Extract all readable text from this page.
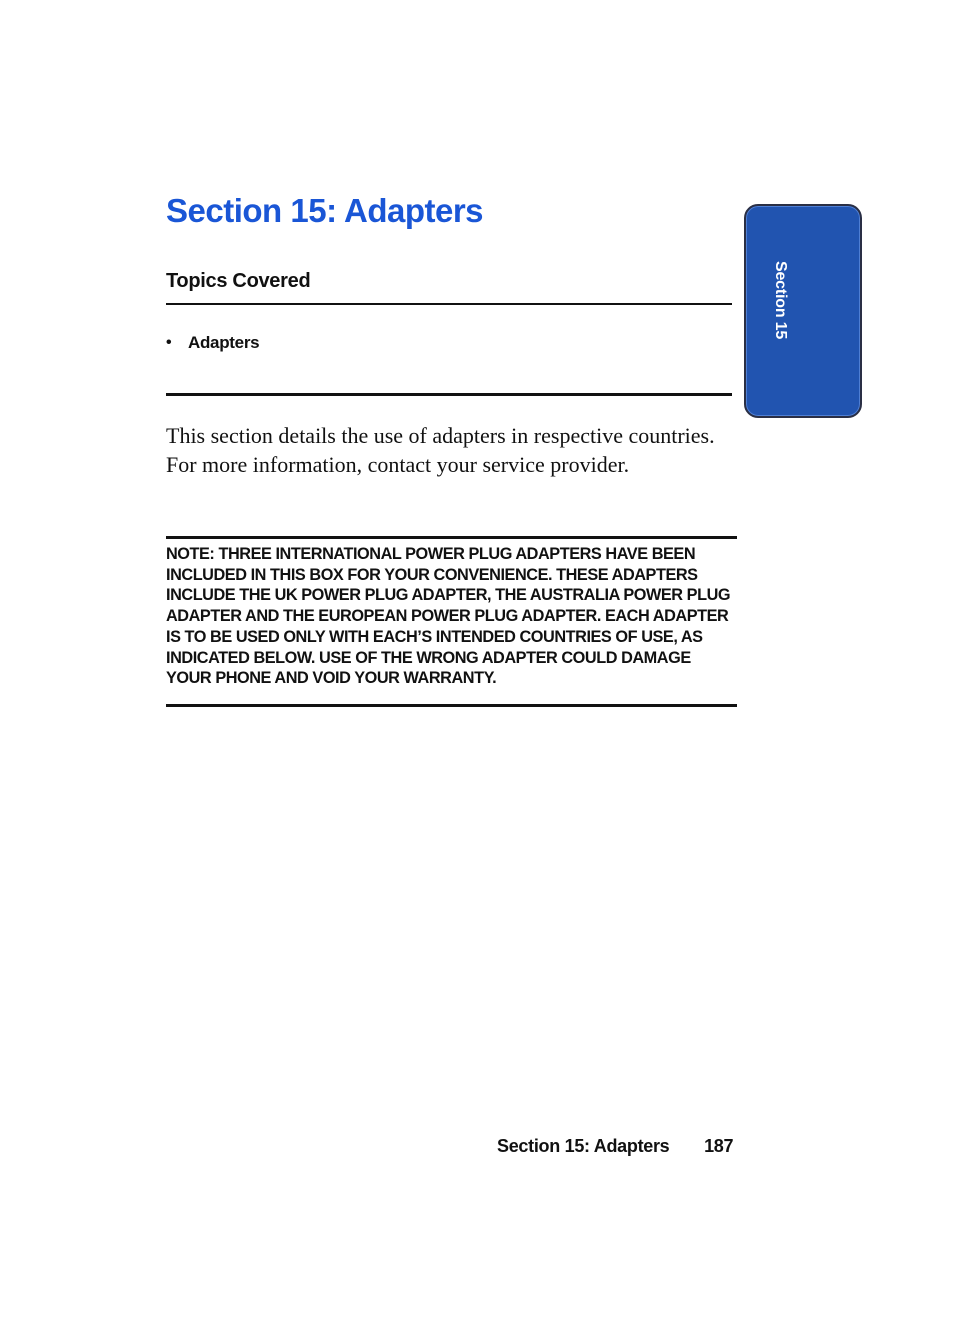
Section 15: Adapters
Topics Covered
• Adapters

This section details the use of adapters in respective countries. For more information, contact your service provider.

NOTE: THREE INTERNATIONAL POWER PLUG ADAPTERS HAVE BEEN INCLUDED IN THIS BOX FOR YOUR CONVENIENCE. THESE ADAPTERS INCLUDE THE UK POWER PLUG ADAPTER, THE AUSTRALIA POWER PLUG ADAPTER AND THE EUROPEAN POWER PLUG ADAPTER. EACH ADAPTER IS TO BE USED ONLY WITH EACH’S INTENDED COUNTRIES OF USE, AS INDICATED BELOW. USE OF THE WRONG ADAPTER COULD DAMAGE YOUR PHONE AND VOID YOUR WARRANTY.

Section 15
Section 15: Adapters 187
